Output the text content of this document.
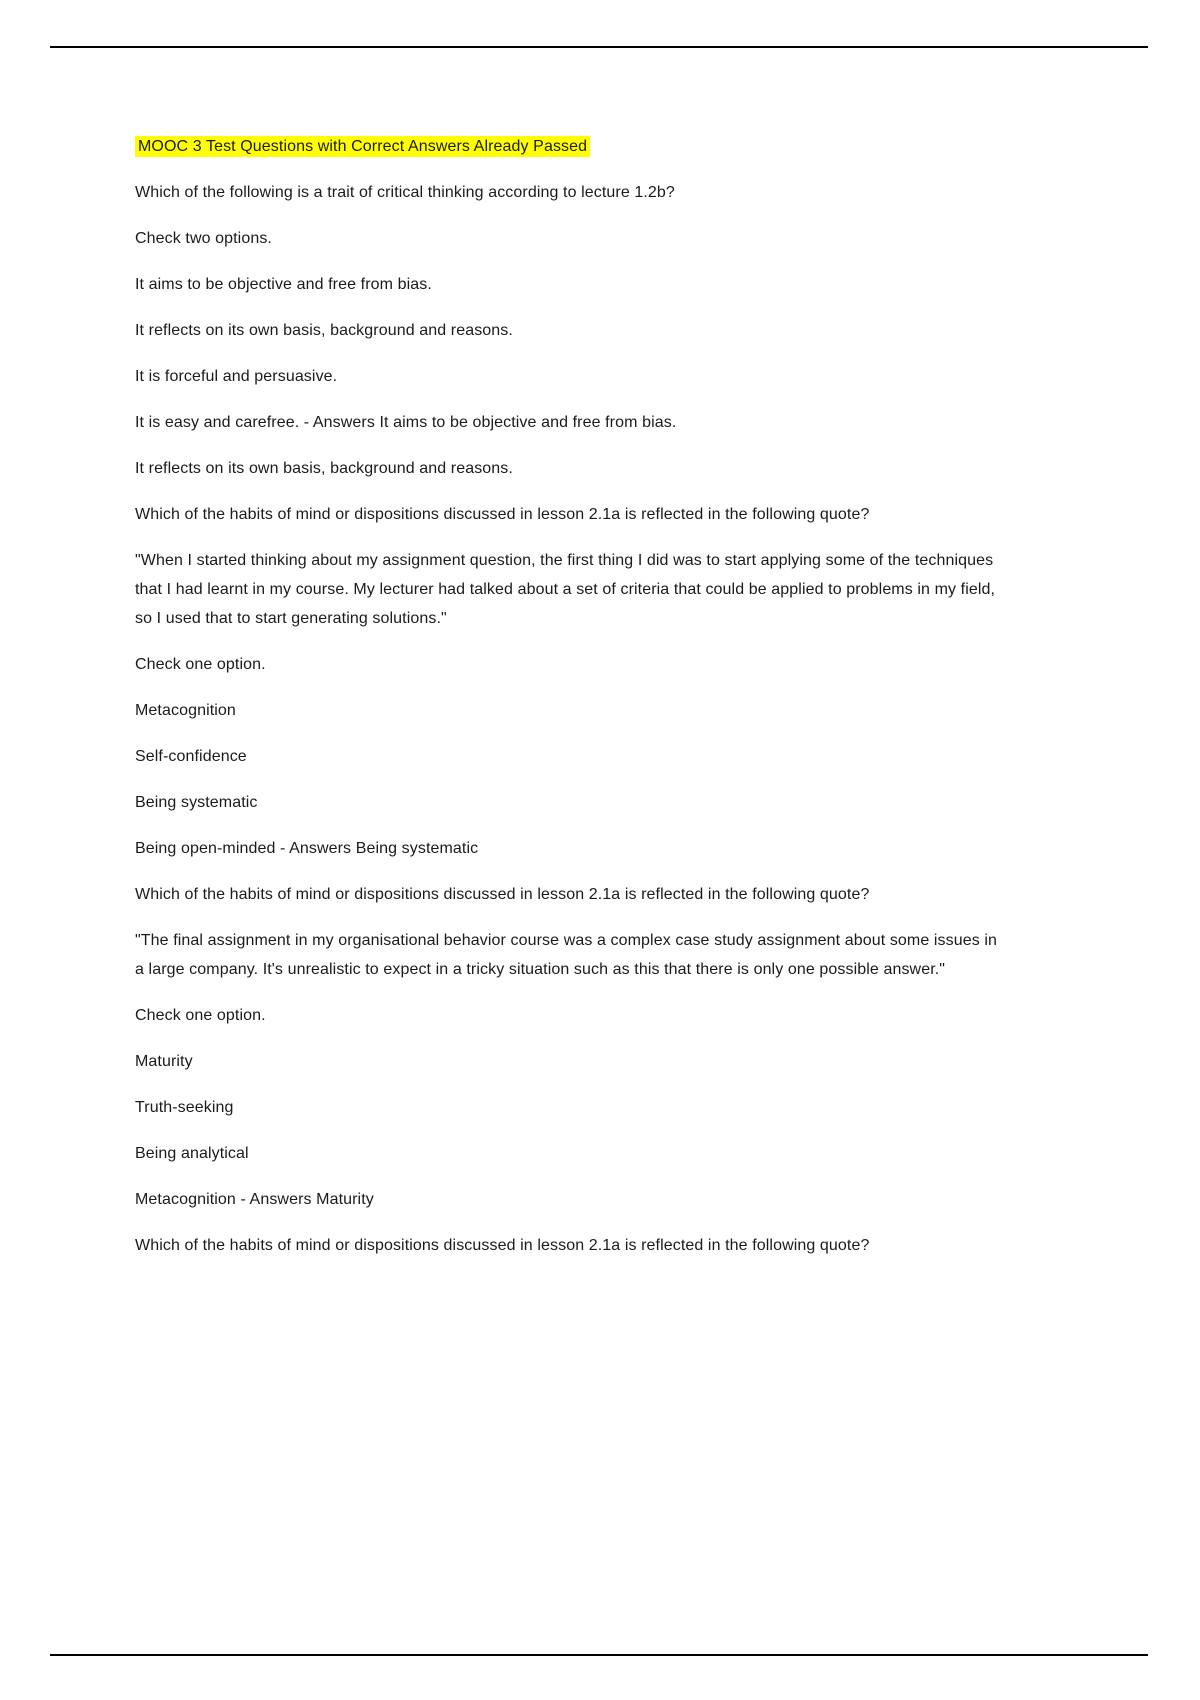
MOOC 3 Test Questions with Correct Answers Already Passed

Which of the following is a trait of critical thinking according to lecture 1.2b?

Check two options.

It aims to be objective and free from bias.

It reflects on its own basis, background and reasons.

It is forceful and persuasive.

It is easy and carefree. - Answers It aims to be objective and free from bias.

It reflects on its own basis, background and reasons.

Which of the habits of mind or dispositions discussed in lesson 2.1a is reflected in the following quote?

"When I started thinking about my assignment question, the first thing I did was to start applying some of the techniques that I had learnt in my course. My lecturer had talked about a set of criteria that could be applied to problems in my field, so I used that to start generating solutions."

Check one option.

Metacognition

Self-confidence

Being systematic

Being open-minded - Answers Being systematic

Which of the habits of mind or dispositions discussed in lesson 2.1a is reflected in the following quote?

"The final assignment in my organisational behavior course was a complex case study assignment about some issues in a large company. It's unrealistic to expect in a tricky situation such as this that there is only one possible answer."

Check one option.

Maturity

Truth-seeking

Being analytical

Metacognition - Answers Maturity

Which of the habits of mind or dispositions discussed in lesson 2.1a is reflected in the following quote?
